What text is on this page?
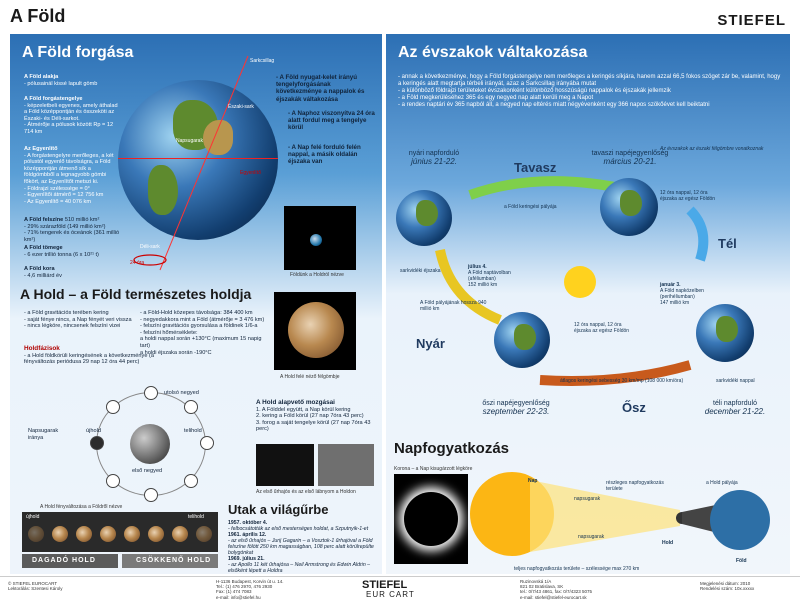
A Föld	STIEFEL
A Föld forgása
A Föld alakja
- pólusainál kissé lapult gömb
A Föld forgástengelye
- képzeletbeli egyenes, amely áthalad a Föld középpontján és összeköti az Északi- és Déli-sarkot.
- Átmérője a pólusok között Rp = 12 714 km
Az Egyenlítő
- A forgástengelyre merőleges, a két pólustól egyenlő távolságra, a Föld középpontján átmenő sík a földgömbből a legnagyobb gömbi főkört, az Egyenlítőt metszi ki.
- Földrajzi szélessége = 0°
- Egyenlítői átmérő = 12 756 km
- Az Egyenlítő = 40 076 km
A Föld felszíne 510 millió km²
- 29% szárazföld (149 millió km²)
- 71% tengerek és óceánok (361 millió km²)
A Föld tömege
- 6 ezer trillió tonna (6 x 10²¹ t)
A Föld kora
- 4,6 milliárd év
Sarkcsillag
Északi-sark
Déli-sark
Egyenlítő
24 óra
Napsugarak
- A Föld nyugat-kelet irányú tengelyforgásának következménye a nappalok és éjszakák váltakozása
- A Naphoz viszonyítva 24 óra alatt fordul meg a tengelye körül
- A Nap felé forduló felén nappal, a másik oldalán éjszaka van
Földünk a Holdról nézve
A Hold – a Föld természetes holdja
- a Föld gravitációs terében kering
- saját fénye nincs, a Nap fényét veri vissza
- nincs légköre, nincsenek felszíni vizei
- a Föld-Hold közepes távolsága: 384 400 km
- negyedakkora mint a Föld (átmérője = 3 476 km)
- felszíni gravitációs gyorsulása a földinek 1/6-a
- felszíni hőmérséklete:
a holdi nappal során +130°C (maximum 15 napig tart)
a holdi éjszaka során -190°C
Holdfázisok
- a Hold földkörüli keringésének a következménye (a fényváltozás periódusa 29 nap 12 óra 44 perc)
A Hold felé néző félgömbje
Napsugarak iránya
utolsó negyed
újhold	telihold
első negyed
A Hold alapvető mozgásai
1. A Földdel együtt, a Nap körül kering
2. kering a Föld körül (27 nap 7óra 43 perc)
3. forog a saját tengelye körül (27 nap 7óra 43 perc)
Az első űrhajós és az első lábnyom a Holdon
A Hold fényváltozása a Földről nézve
újhold	telihold
DAGADÓ HOLD	CSÖKKENŐ HOLD
Utak a világűrbe
1957. október 4.
- felbocsátották az első mesterséges holdat, a Szputnyik-1-et
1961. április 12.
- az első űrhajós – Jurij Gagarin – a Vosztok-1 űrhajóval a Föld felszíne fölött 250 km magasságban, 108 perc alatt körülrepülte bolygónkat
1969. július 21.
- az Apollo 11 két űrhajósa – Neil Armstrong és Edwin Aldrin – elsőként lépett a Holdra
Az évszakok váltakozása
- annak a következménye, hogy a Föld forgástengelye nem merőleges a keringés síkjára, hanem azzal 66,5 fokos szöget zár be, valamint, hogy a keringés alatt megtartja térbeli irányát, azaz a Sarkcsillag irányába mutat
- a különböző földrajzi területeket évszakonként különböző hosszúságú nappalok és éjszakák jellemzik
- a Föld megkerüléséhez 365 és egy negyed nap alatt kerüli meg a Napot
- a rendes naptári év 365 napból áll, a negyed nap eltérés miatt négyévenként egy 366 napos szökőévet kell beiktatni
Az évszakok az északi félgömbre vonatkoznak
nyári napforduló
június 21-22.
tavaszi napéjegyenlőség
március 20-21.
őszi napéjegyenlőség
szeptember 22-23.
téli napforduló
december 21-22.
Tavasz
Tél
Nyár
Ősz
július 4.
A Föld naptávolban
(aféliumban)
152 millió km	január 3.
A Föld napközelben
(perihéliumban)
147 millió km
a Föld keringési pályája
A Föld pályájának hossza 940 millió km
átlagos keringési sebesség 30 km/mp (108 000 km/óra)
12 óra nappal, 12 óra éjszaka az egész Földön
12 óra nappal, 12 óra éjszaka az egész Földön
sarkvidéki éjszaka
sarkvidéki nappal
Napfogyatkozás
Korona – a Nap kisugárzott légköre
Nap
napsugarak
napsugarak
részleges napfogyatkozás területe
Hold
a Hold pályája
Föld
teljes napfogyatkozás területe – szélessége max 270 km
© STIEFEL EUROCART
Lektorálás: Szentesi Károly
H-1136 Budapest, Korvin út u. 14.
Tel.: (1) 476 2970, 476 2930
Fax: (1) 474 7083
e-mail: info@stiefel.hu
STIEFEL
EUR CART
Ruzinovská 1/A
821 02 Bratislava, SK
tel.: 0/7/43 4861, fax: 0/7/4323 5075
e-mail: stiefel@stiefel-eurocart.sk
Megjelenési dátum: 2010
Rendelési szám: 10x.xxxxx
